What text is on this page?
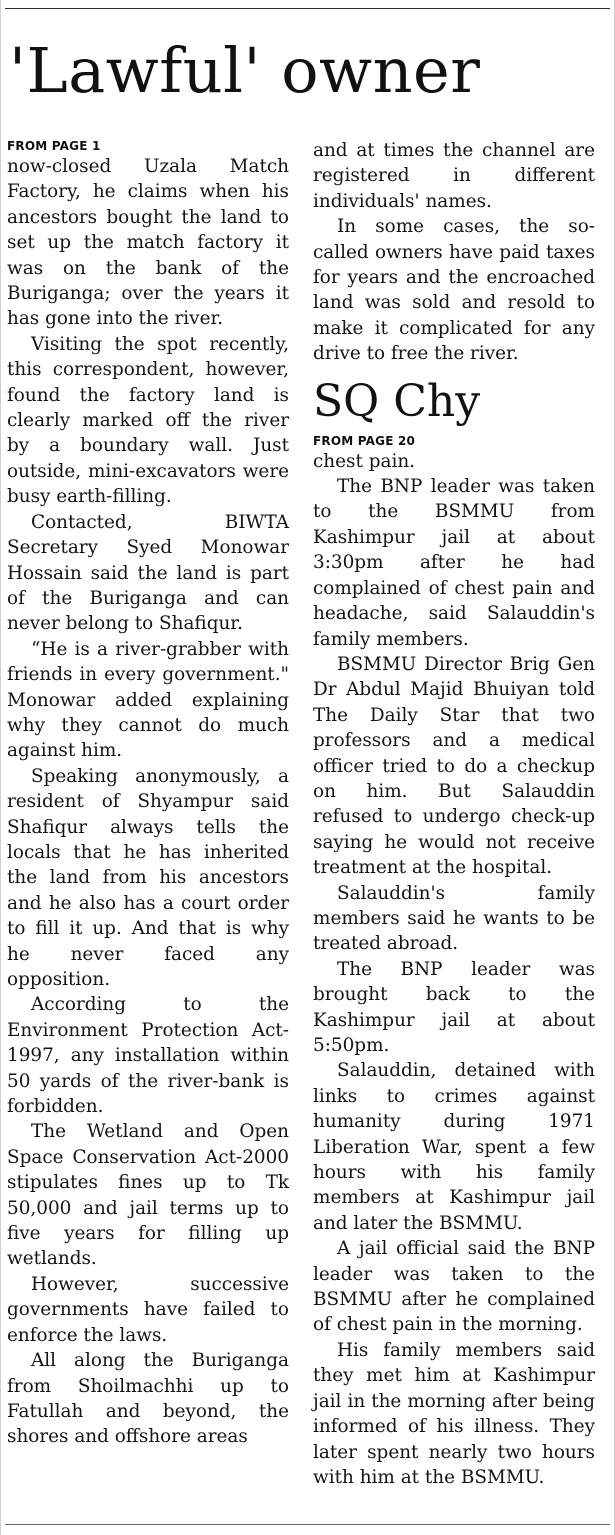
'Lawful' owner
FROM PAGE 1

now-closed Uzala Match Factory, he claims when his ancestors bought the land to set up the match factory it was on the bank of the Buriganga; over the years it has gone into the river.

Visiting the spot recently, this correspondent, however, found the factory land is clearly marked off the river by a boundary wall. Just outside, mini-excavators were busy earth-filling.

Contacted, BIWTA Secretary Syed Monowar Hossain said the land is part of the Buriganga and can never belong to Shafiqur.

“He is a river-grabber with friends in every government." Monowar added explaining why they cannot do much against him.

Speaking anonymously, a resident of Shyampur said Shafiqur always tells the locals that he has inherited the land from his ancestors and he also has a court order to fill it up. And that is why he never faced any opposition.

According to the Environment Protection Act-1997, any installation within 50 yards of the river-bank is forbidden.

The Wetland and Open Space Conservation Act-2000 stipulates fines up to Tk 50,000 and jail terms up to five years for filling up wetlands.

However, successive governments have failed to enforce the laws.

All along the Buriganga from Shoilmachhi up to Fatullah and beyond, the shores and offshore areas

and at times the channel are registered in different individuals' names.

In some cases, the so-called owners have paid taxes for years and the encroached land was sold and resold to make it complicated for any drive to free the river.

SQ Chy
FROM PAGE 20

chest pain.

The BNP leader was taken to the BSMMU from Kashimpur jail at about 3:30pm after he had complained of chest pain and headache, said Salauddin's family members.

BSMMU Director Brig Gen Dr Abdul Majid Bhuiyan told The Daily Star that two professors and a medical officer tried to do a checkup on him. But Salauddin refused to undergo check-up saying he would not receive treatment at the hospital.

Salauddin's family members said he wants to be treated abroad.

The BNP leader was brought back to the Kashimpur jail at about 5:50pm.

Salauddin, detained with links to crimes against humanity during 1971 Liberation War, spent a few hours with his family members at Kashimpur jail and later the BSMMU.

A jail official said the BNP leader was taken to the BSMMU after he complained of chest pain in the morning.

His family members said they met him at Kashimpur jail in the morning after being informed of his illness. They later spent nearly two hours with him at the BSMMU.
